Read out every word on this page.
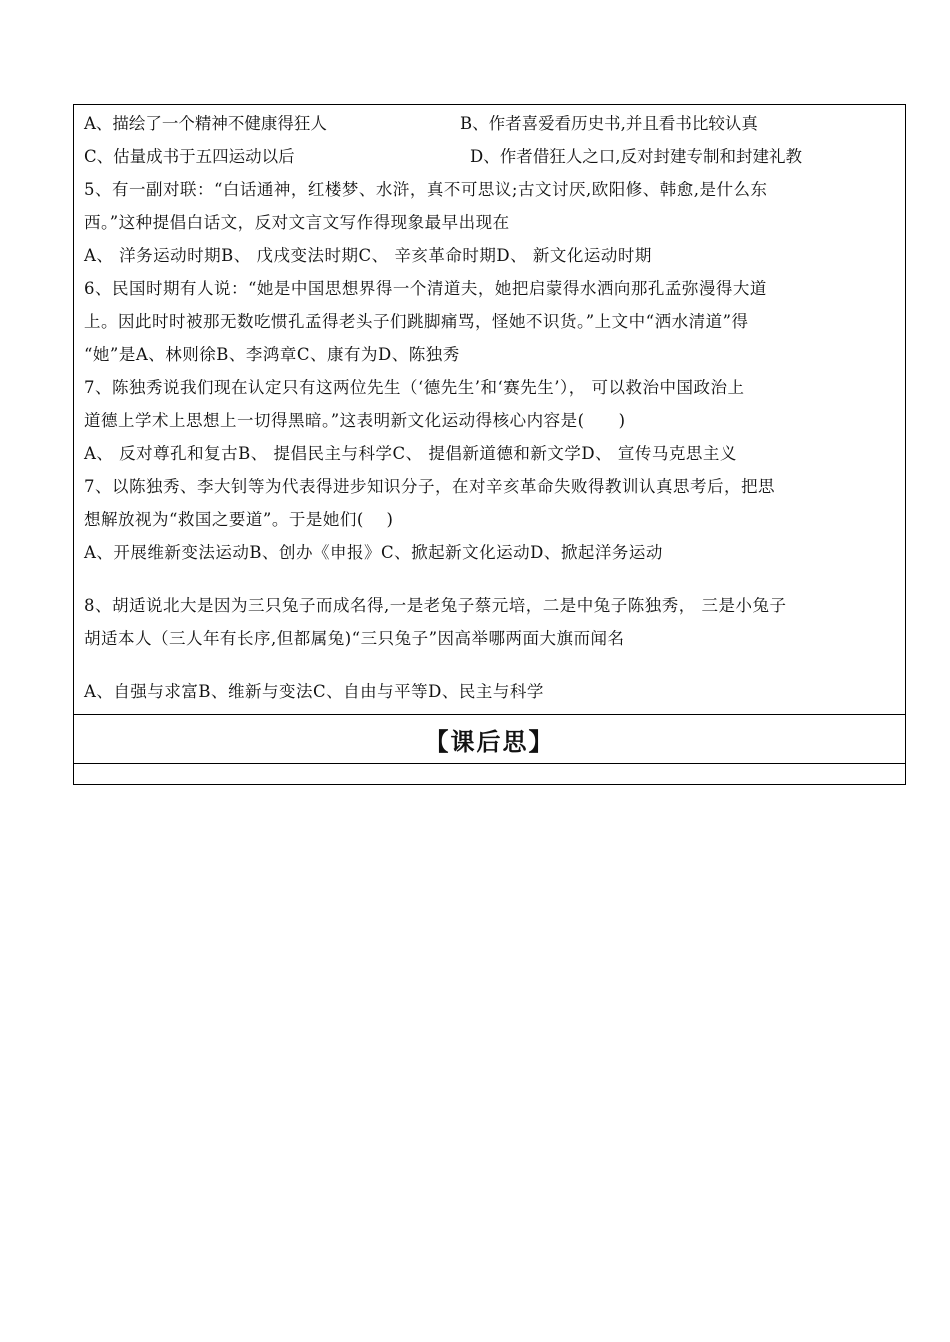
A、描绘了一个精神不健康得狂人	B、作者喜爱看历史书,并且看书比较认真
C、估量成书于五四运动以后	D、作者借狂人之口,反对封建专制和封建礼教
5、有一副对联：“白话通神，红楼梦、水浒，真不可思议;古文讨厌,欧阳修、韩愈,是什么东
西。”这种提倡白话文，反对文言文写作得现象最早出现在
A、 洋务运动时期B、 戊戌变法时期C、 辛亥革命时期D、 新文化运动时期
6、民国时期有人说：“她是中国思想界得一个清道夫，她把启蒙得水洒向那孔孟弥漫得大道
上。因此时时被那无数吃惯孔孟得老头子们跳脚痛骂，怪她不识货。”上文中“洒水清道”得
“她”是A、林则徐B、李鸿章C、康有为D、陈独秀
7、陈独秀说我们现在认定只有这两位先生（‘德先生’和‘赛先生’）， 可以救治中国政治上
道德上学术上思想上一切得黑暗。”这表明新文化运动得核心内容是(　　)
A、 反对尊孔和复古B、 提倡民主与科学C、 提倡新道德和新文学D、 宣传马克思主义
7、以陈独秀、李大钊等为代表得进步知识分子，在对辛亥革命失败得教训认真思考后，把思
想解放视为“救国之要道”。于是她们(　 )
A、开展维新变法运动B、创办《申报》C、掀起新文化运动D、掀起洋务运动
8、胡适说北大是因为三只兔子而成名得,一是老兔子蔡元培，二是中兔子陈独秀， 三是小兔子
胡适本人（三人年有长序,但都属兔)“三只兔子”因高举哪两面大旗而闻名
A、自强与求富B、维新与变法C、自由与平等D、民主与科学
【课后思】
